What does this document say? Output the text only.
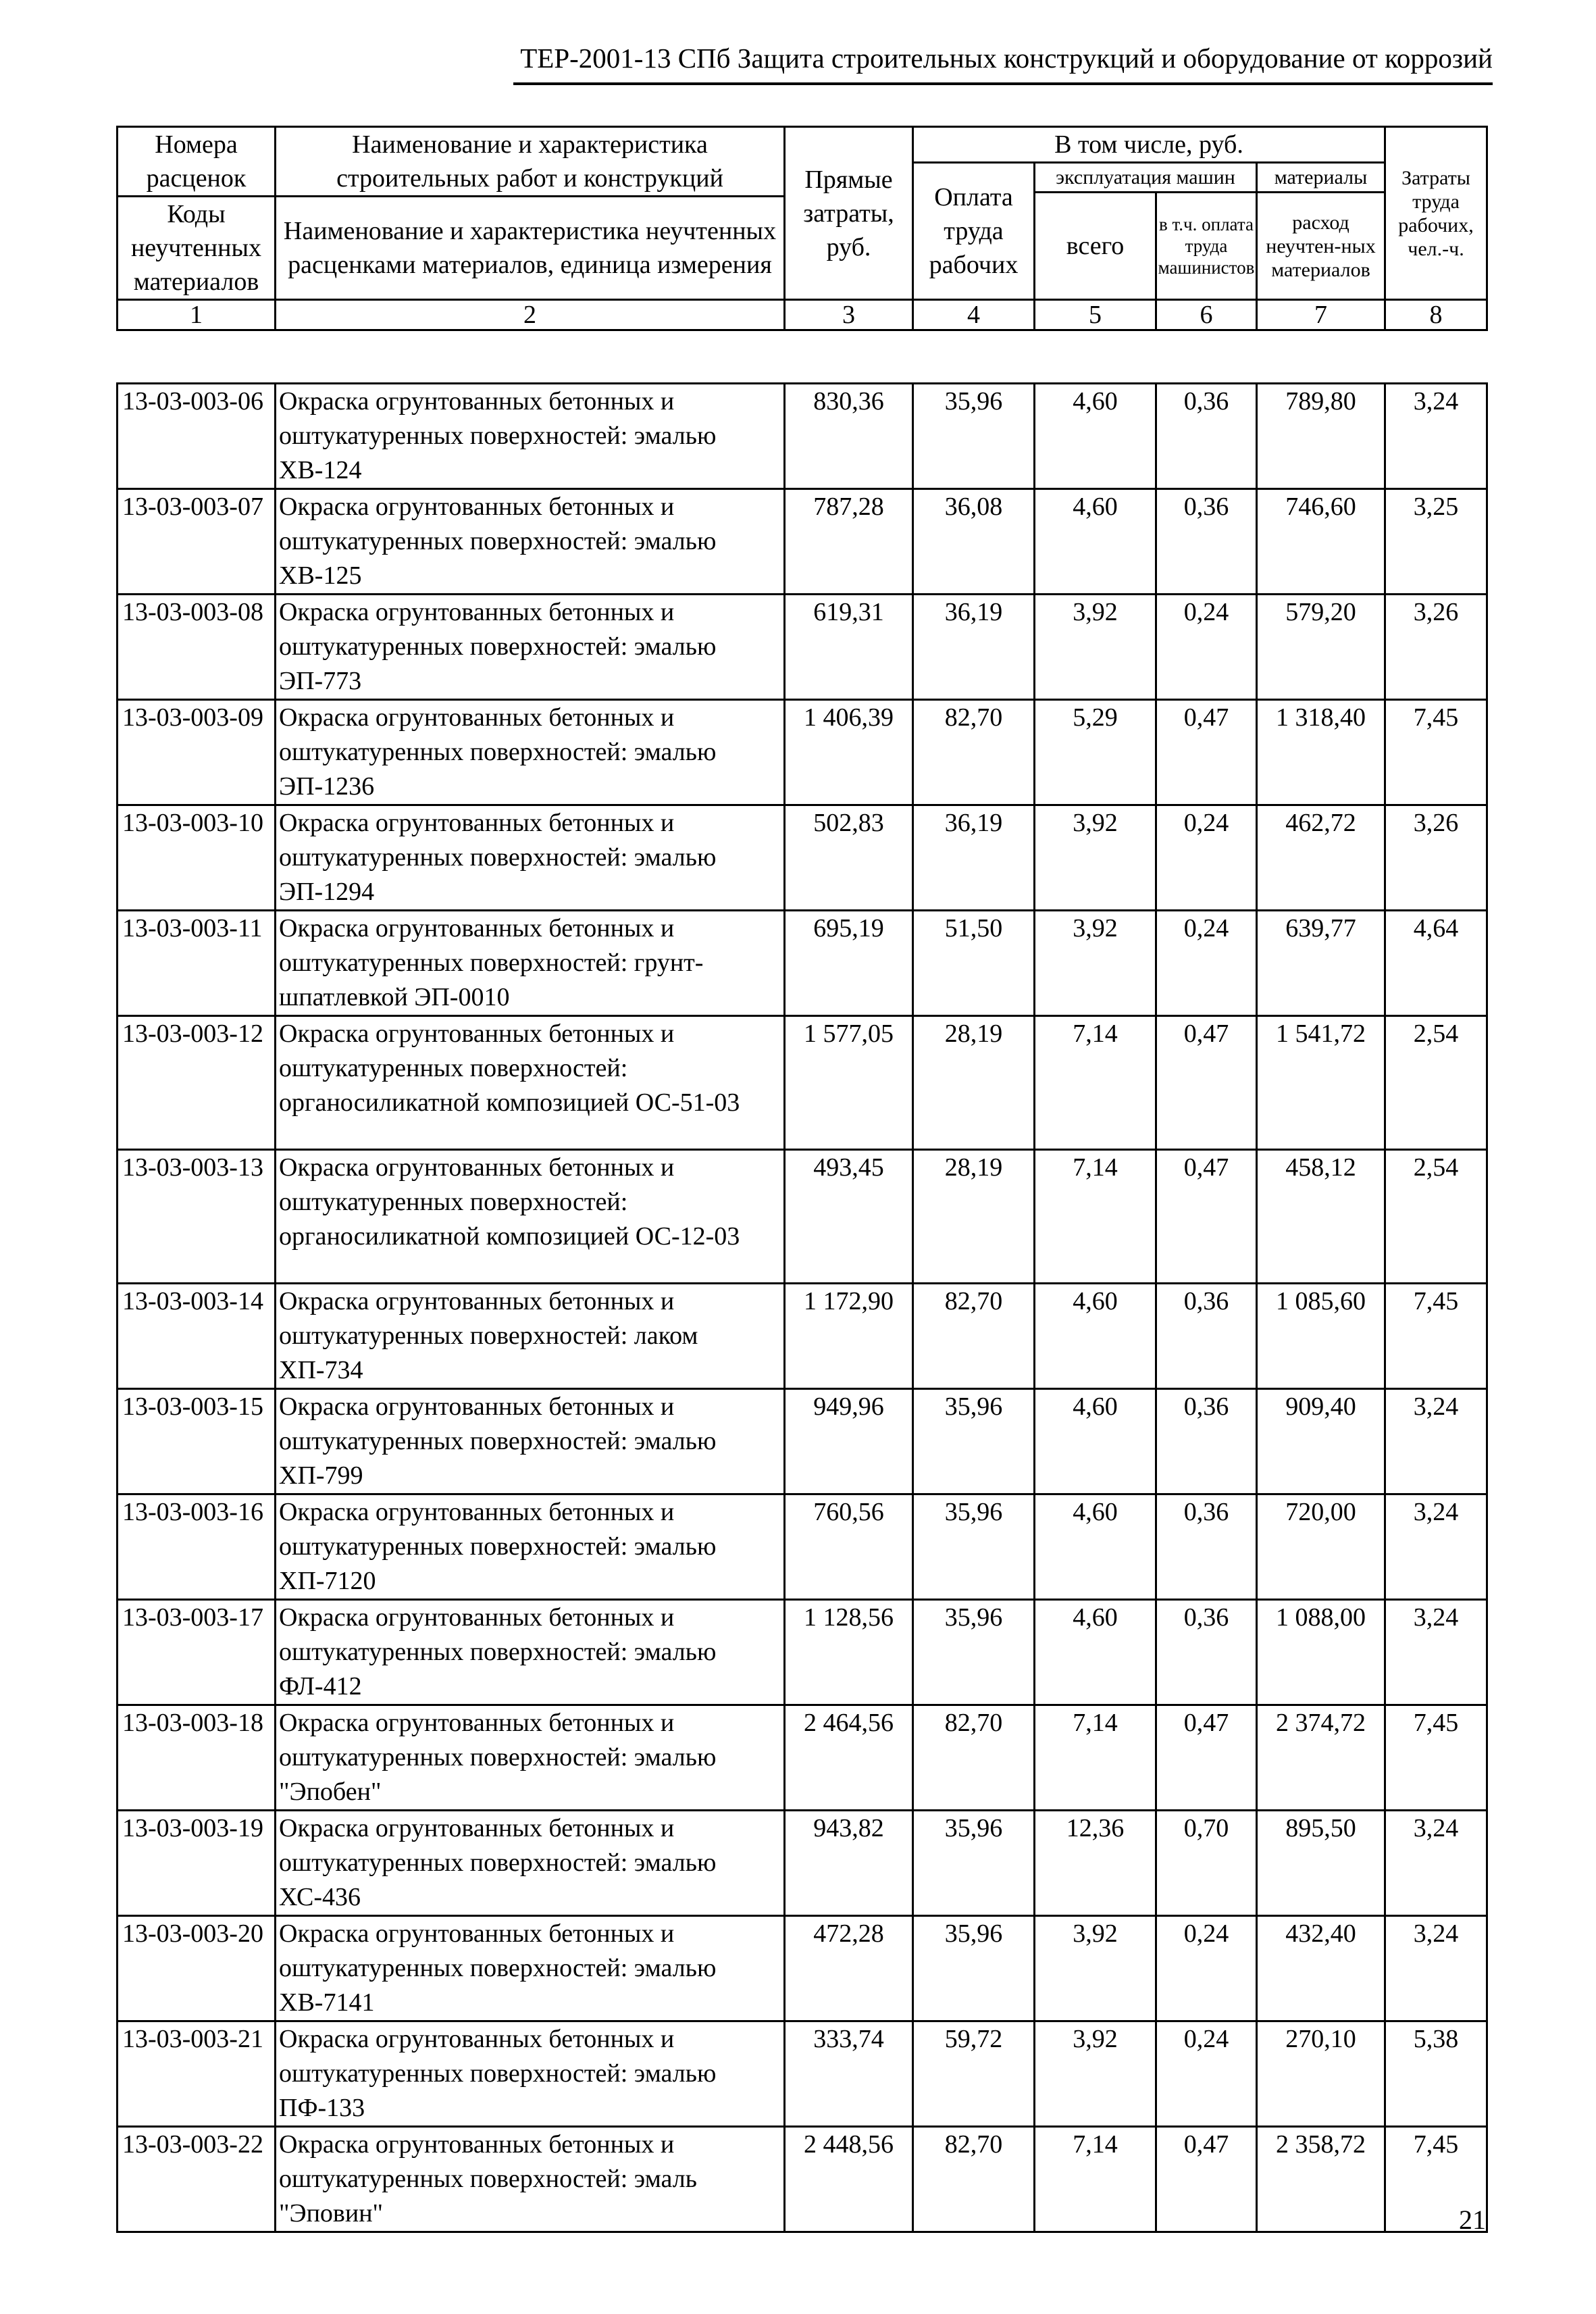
ТЕР-2001-13 СПб Защита строительных конструкций и оборудование от коррозий
Номера расценок	Наименование и характеристика строительных работ и конструкций	Прямые затраты, руб.	В том числе, руб.				Затраты труда рабочих, чел.-ч.
			Оплата труда рабочих	эксплуатация машин		материалы	
				всего	в т.ч. оплата труда машинистов	расход неучтен-ных материалов	
Коды неучтенных материалов	Наименование и характеристика неучтенных расценками материалов, единица измерения						

1	2	3	4	5	6	7	8
13-03-003-06	Окраска огрунтованных бетонных и оштукатуренных поверхностей: эмалью ХВ-124	830,36	35,96	4,60	0,36	789,80	3,24
13-03-003-07	Окраска огрунтованных бетонных и оштукатуренных поверхностей: эмалью ХВ-125	787,28	36,08	4,60	0,36	746,60	3,25
13-03-003-08	Окраска огрунтованных бетонных и оштукатуренных поверхностей: эмалью ЭП-773	619,31	36,19	3,92	0,24	579,20	3,26
13-03-003-09	Окраска огрунтованных бетонных и оштукатуренных поверхностей: эмалью ЭП-1236	1 406,39	82,70	5,29	0,47	1 318,40	7,45
13-03-003-10	Окраска огрунтованных бетонных и оштукатуренных поверхностей: эмалью ЭП-1294	502,83	36,19	3,92	0,24	462,72	3,26
13-03-003-11	Окраска огрунтованных бетонных и оштукатуренных поверхностей: грунт-шпатлевкой ЭП-0010	695,19	51,50	3,92	0,24	639,77	4,64
13-03-003-12	Окраска огрунтованных бетонных и оштукатуренных поверхностей: органосиликатной композицией ОС-51-03	1 577,05	28,19	7,14	0,47	1 541,72	2,54
13-03-003-13	Окраска огрунтованных бетонных и оштукатуренных поверхностей: органосиликатной композицией ОС-12-03	493,45	28,19	7,14	0,47	458,12	2,54
13-03-003-14	Окраска огрунтованных бетонных и оштукатуренных поверхностей: лаком ХП-734	1 172,90	82,70	4,60	0,36	1 085,60	7,45
13-03-003-15	Окраска огрунтованных бетонных и оштукатуренных поверхностей: эмалью ХП-799	949,96	35,96	4,60	0,36	909,40	3,24
13-03-003-16	Окраска огрунтованных бетонных и оштукатуренных поверхностей: эмалью ХП-7120	760,56	35,96	4,60	0,36	720,00	3,24
13-03-003-17	Окраска огрунтованных бетонных и оштукатуренных поверхностей: эмалью ФЛ-412	1 128,56	35,96	4,60	0,36	1 088,00	3,24
13-03-003-18	Окраска огрунтованных бетонных и оштукатуренных поверхностей: эмалью "Эпобен"	2 464,56	82,70	7,14	0,47	2 374,72	7,45
13-03-003-19	Окраска огрунтованных бетонных и оштукатуренных поверхностей: эмалью ХС-436	943,82	35,96	12,36	0,70	895,50	3,24
13-03-003-20	Окраска огрунтованных бетонных и оштукатуренных поверхностей: эмалью ХВ-7141	472,28	35,96	3,92	0,24	432,40	3,24
13-03-003-21	Окраска огрунтованных бетонных и оштукатуренных поверхностей: эмалью ПФ-133	333,74	59,72	3,92	0,24	270,10	5,38
13-03-003-22	Окраска огрунтованных бетонных и оштукатуренных поверхностей: эмаль "Эповин"	2 448,56	82,70	7,14	0,47	2 358,72	7,45
21
